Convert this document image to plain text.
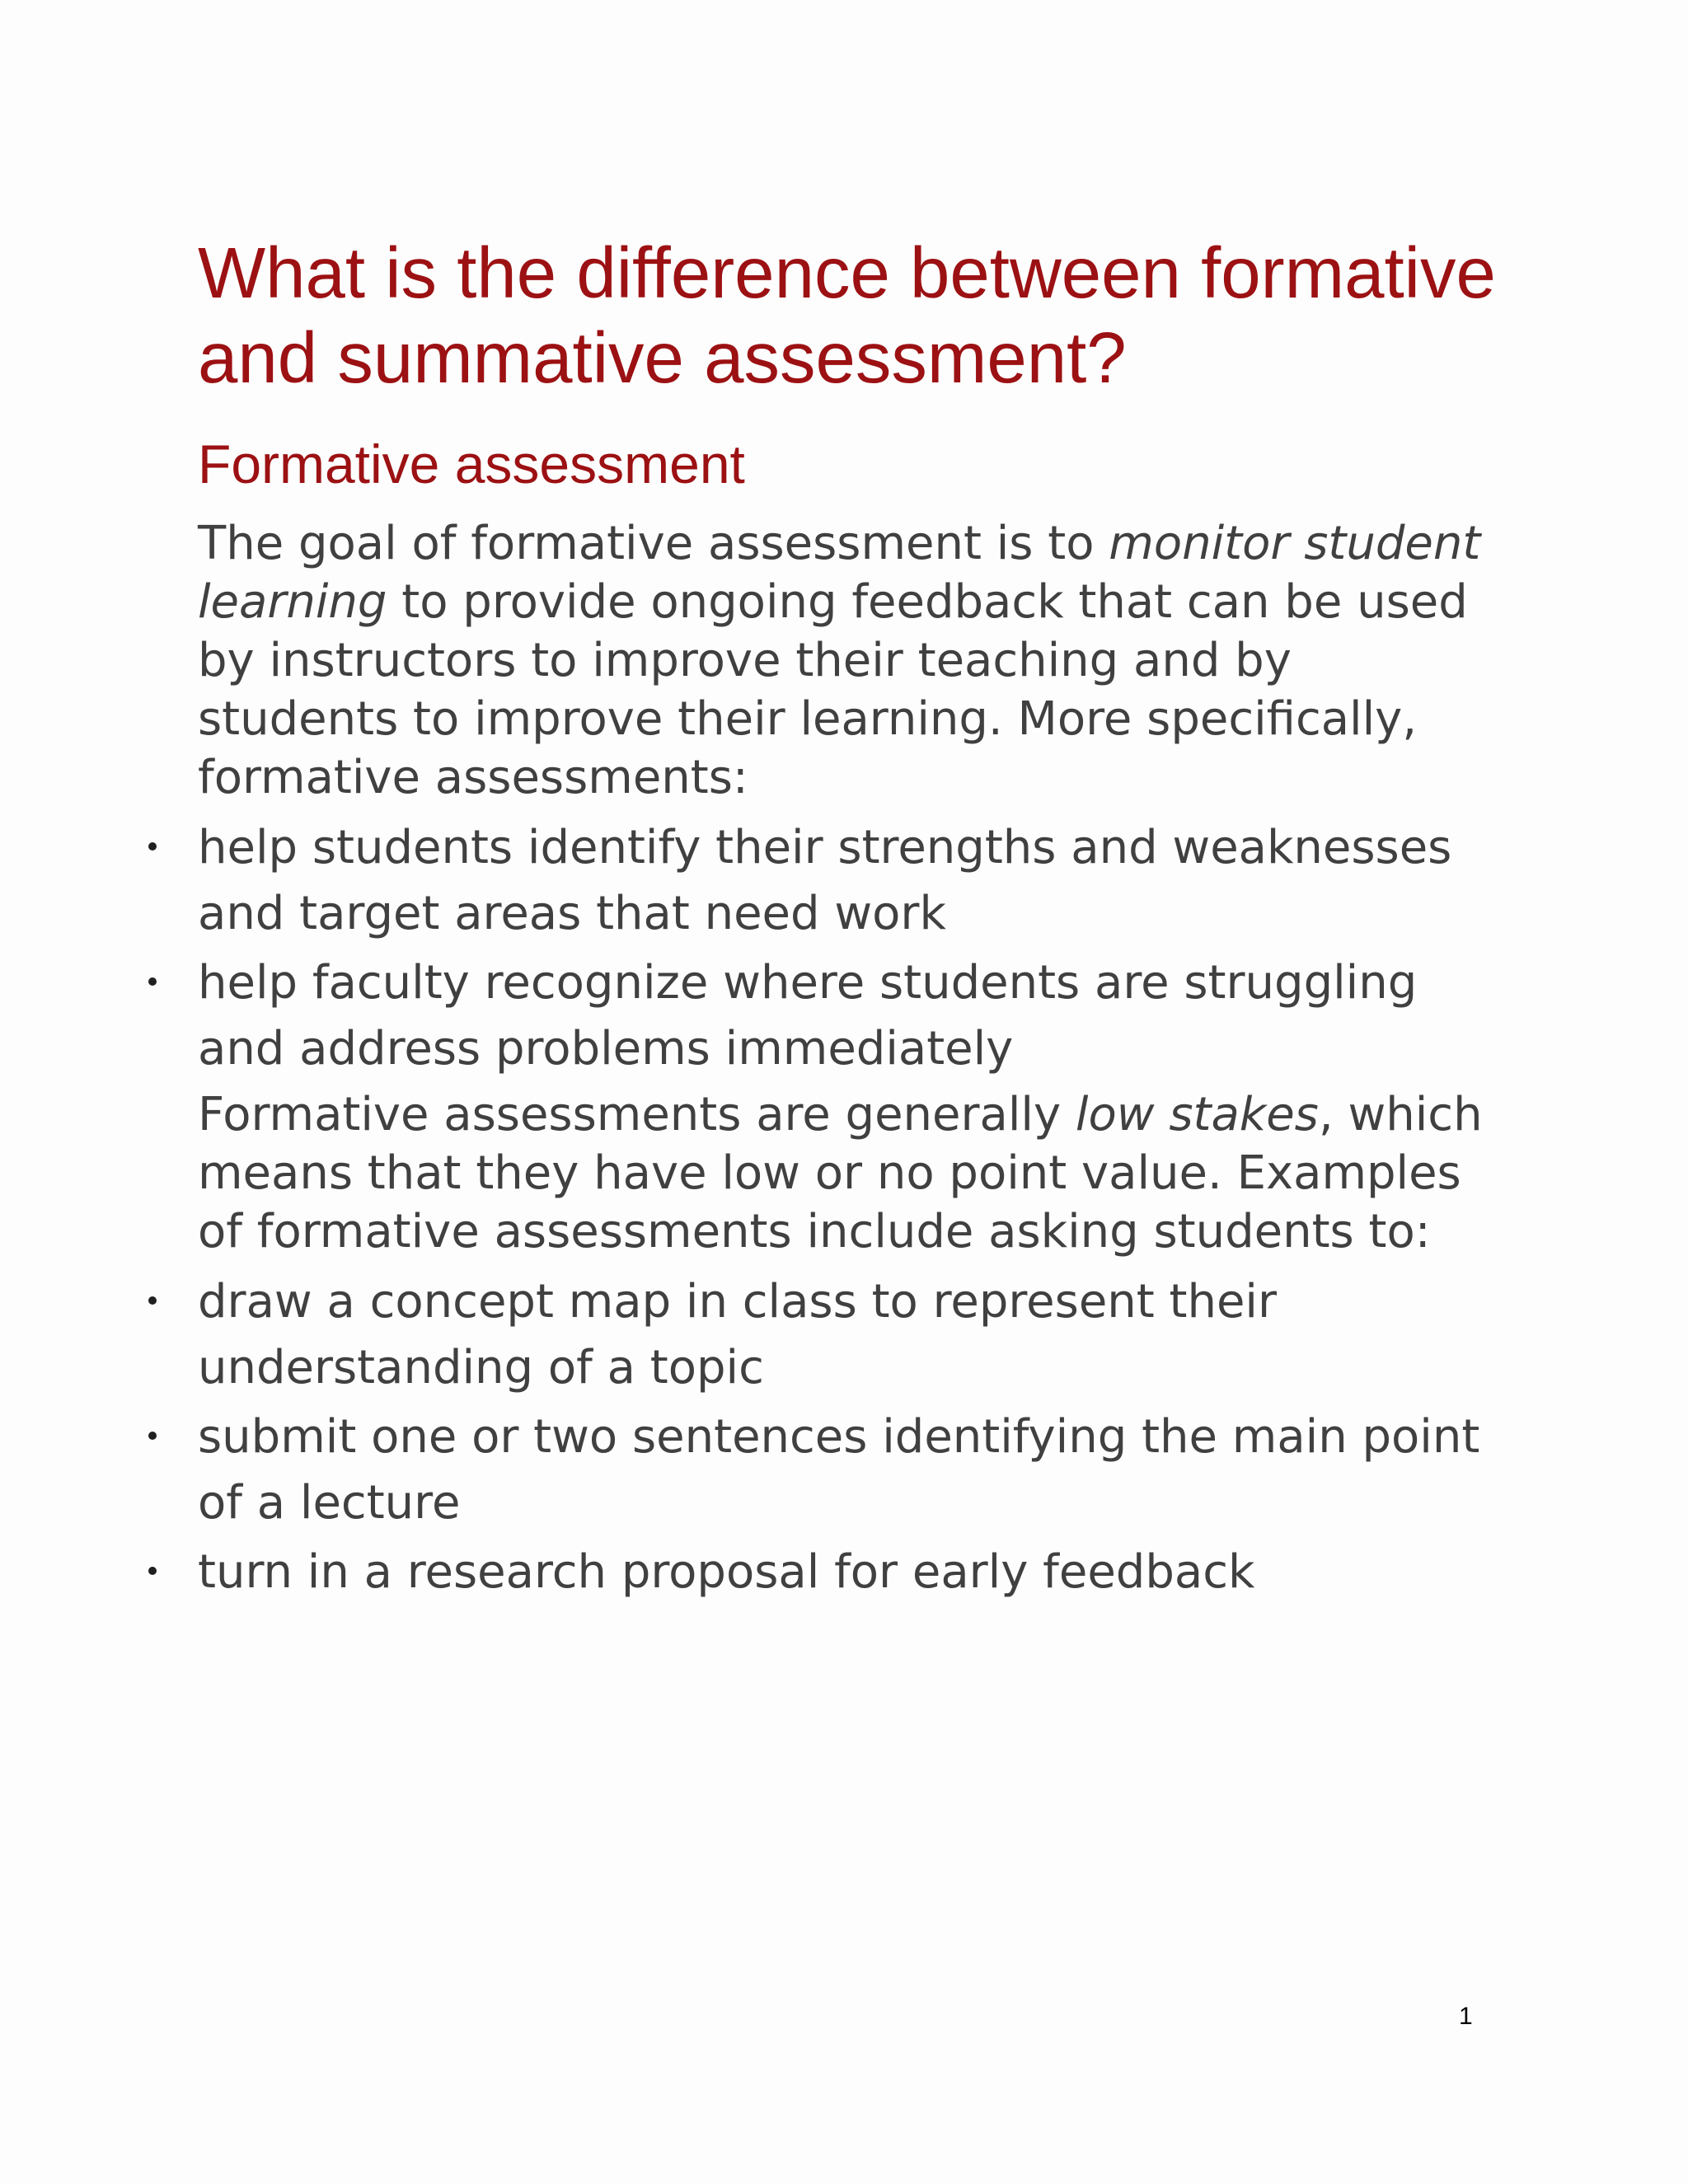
What is the difference between formative and summative assessment?
Formative assessment

The goal of formative assessment is to monitor student learning to provide ongoing feedback that can be used by instructors to improve their teaching and by students to improve their learning. More specifically, formative assessments:

help students identify their strengths and weaknesses and target areas that need work
help faculty recognize where students are struggling and address problems immediately

Formative assessments are generally low stakes, which means that they have low or no point value. Examples of formative assessments include asking students to:

draw a concept map in class to represent their understanding of a topic
submit one or two sentences identifying the main point of a lecture
turn in a research proposal for early feedback
1
